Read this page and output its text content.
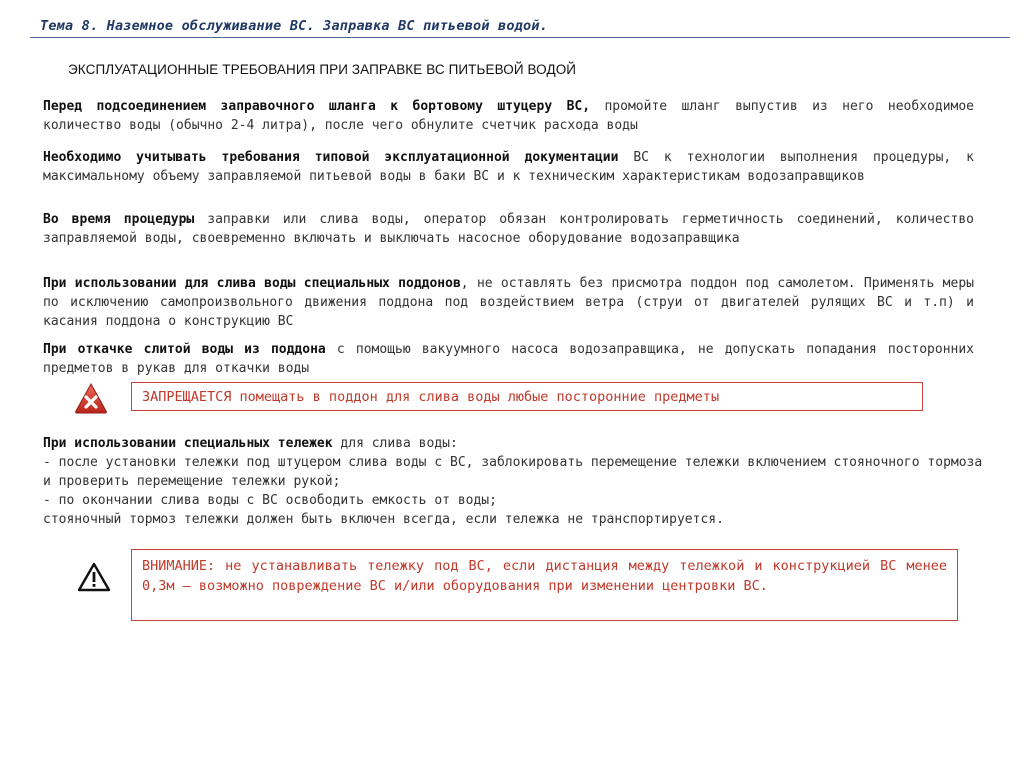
Тема 8. Наземное обслуживание ВС. Заправка ВС питьевой водой.
ЭКСПЛУАТАЦИОННЫЕ ТРЕБОВАНИЯ ПРИ ЗАПРАВКЕ ВС ПИТЬЕВОЙ ВОДОЙ

Перед подсоединением заправочного шланга к бортовому штуцеру ВС, промойте шланг выпустив из него необходимое количество воды (обычно 2-4 литра), после чего обнулите счетчик расхода воды

Необходимо учитывать требования типовой эксплуатационной документации ВС к технологии выполнения процедуры, к максимальному объему заправляемой питьевой воды в баки ВС и к техническим характеристикам водозаправщиков

Во время процедуры заправки или слива воды, оператор обязан контролировать герметичность соединений, количество заправляемой воды, своевременно включать и выключать насосное оборудование водозаправщика

При использовании для слива воды специальных поддонов, не оставлять без присмотра поддон под самолетом. Применять меры по исключению самопроизвольного движения поддона под воздействием ветра (струи от двигателей рулящих ВС и т.п) и касания поддона о конструкцию ВС

При откачке слитой воды из поддона с помощью вакуумного насоса водозаправщика, не допускать попадания посторонних предметов в рукав для откачки воды

ЗАПРЕЩАЕТСЯ помещать в поддон для слива воды любые посторонние предметы
При использовании специальных тележек для слива воды:
- после установки тележки под штуцером слива воды с ВС, заблокировать перемещение тележки включением стояночного тормоза и проверить перемещение тележки рукой;
- по окончании слива воды с ВС освободить емкость от воды;
стояночный тормоз тележки должен быть включен всегда, если тележка не транспортируется.
ВНИМАНИЕ: не устанавливать тележку под ВС, если дистанция между тележкой и конструкцией ВС менее 0,3м – возможно повреждение ВС и/или оборудования при изменении центровки ВС.
